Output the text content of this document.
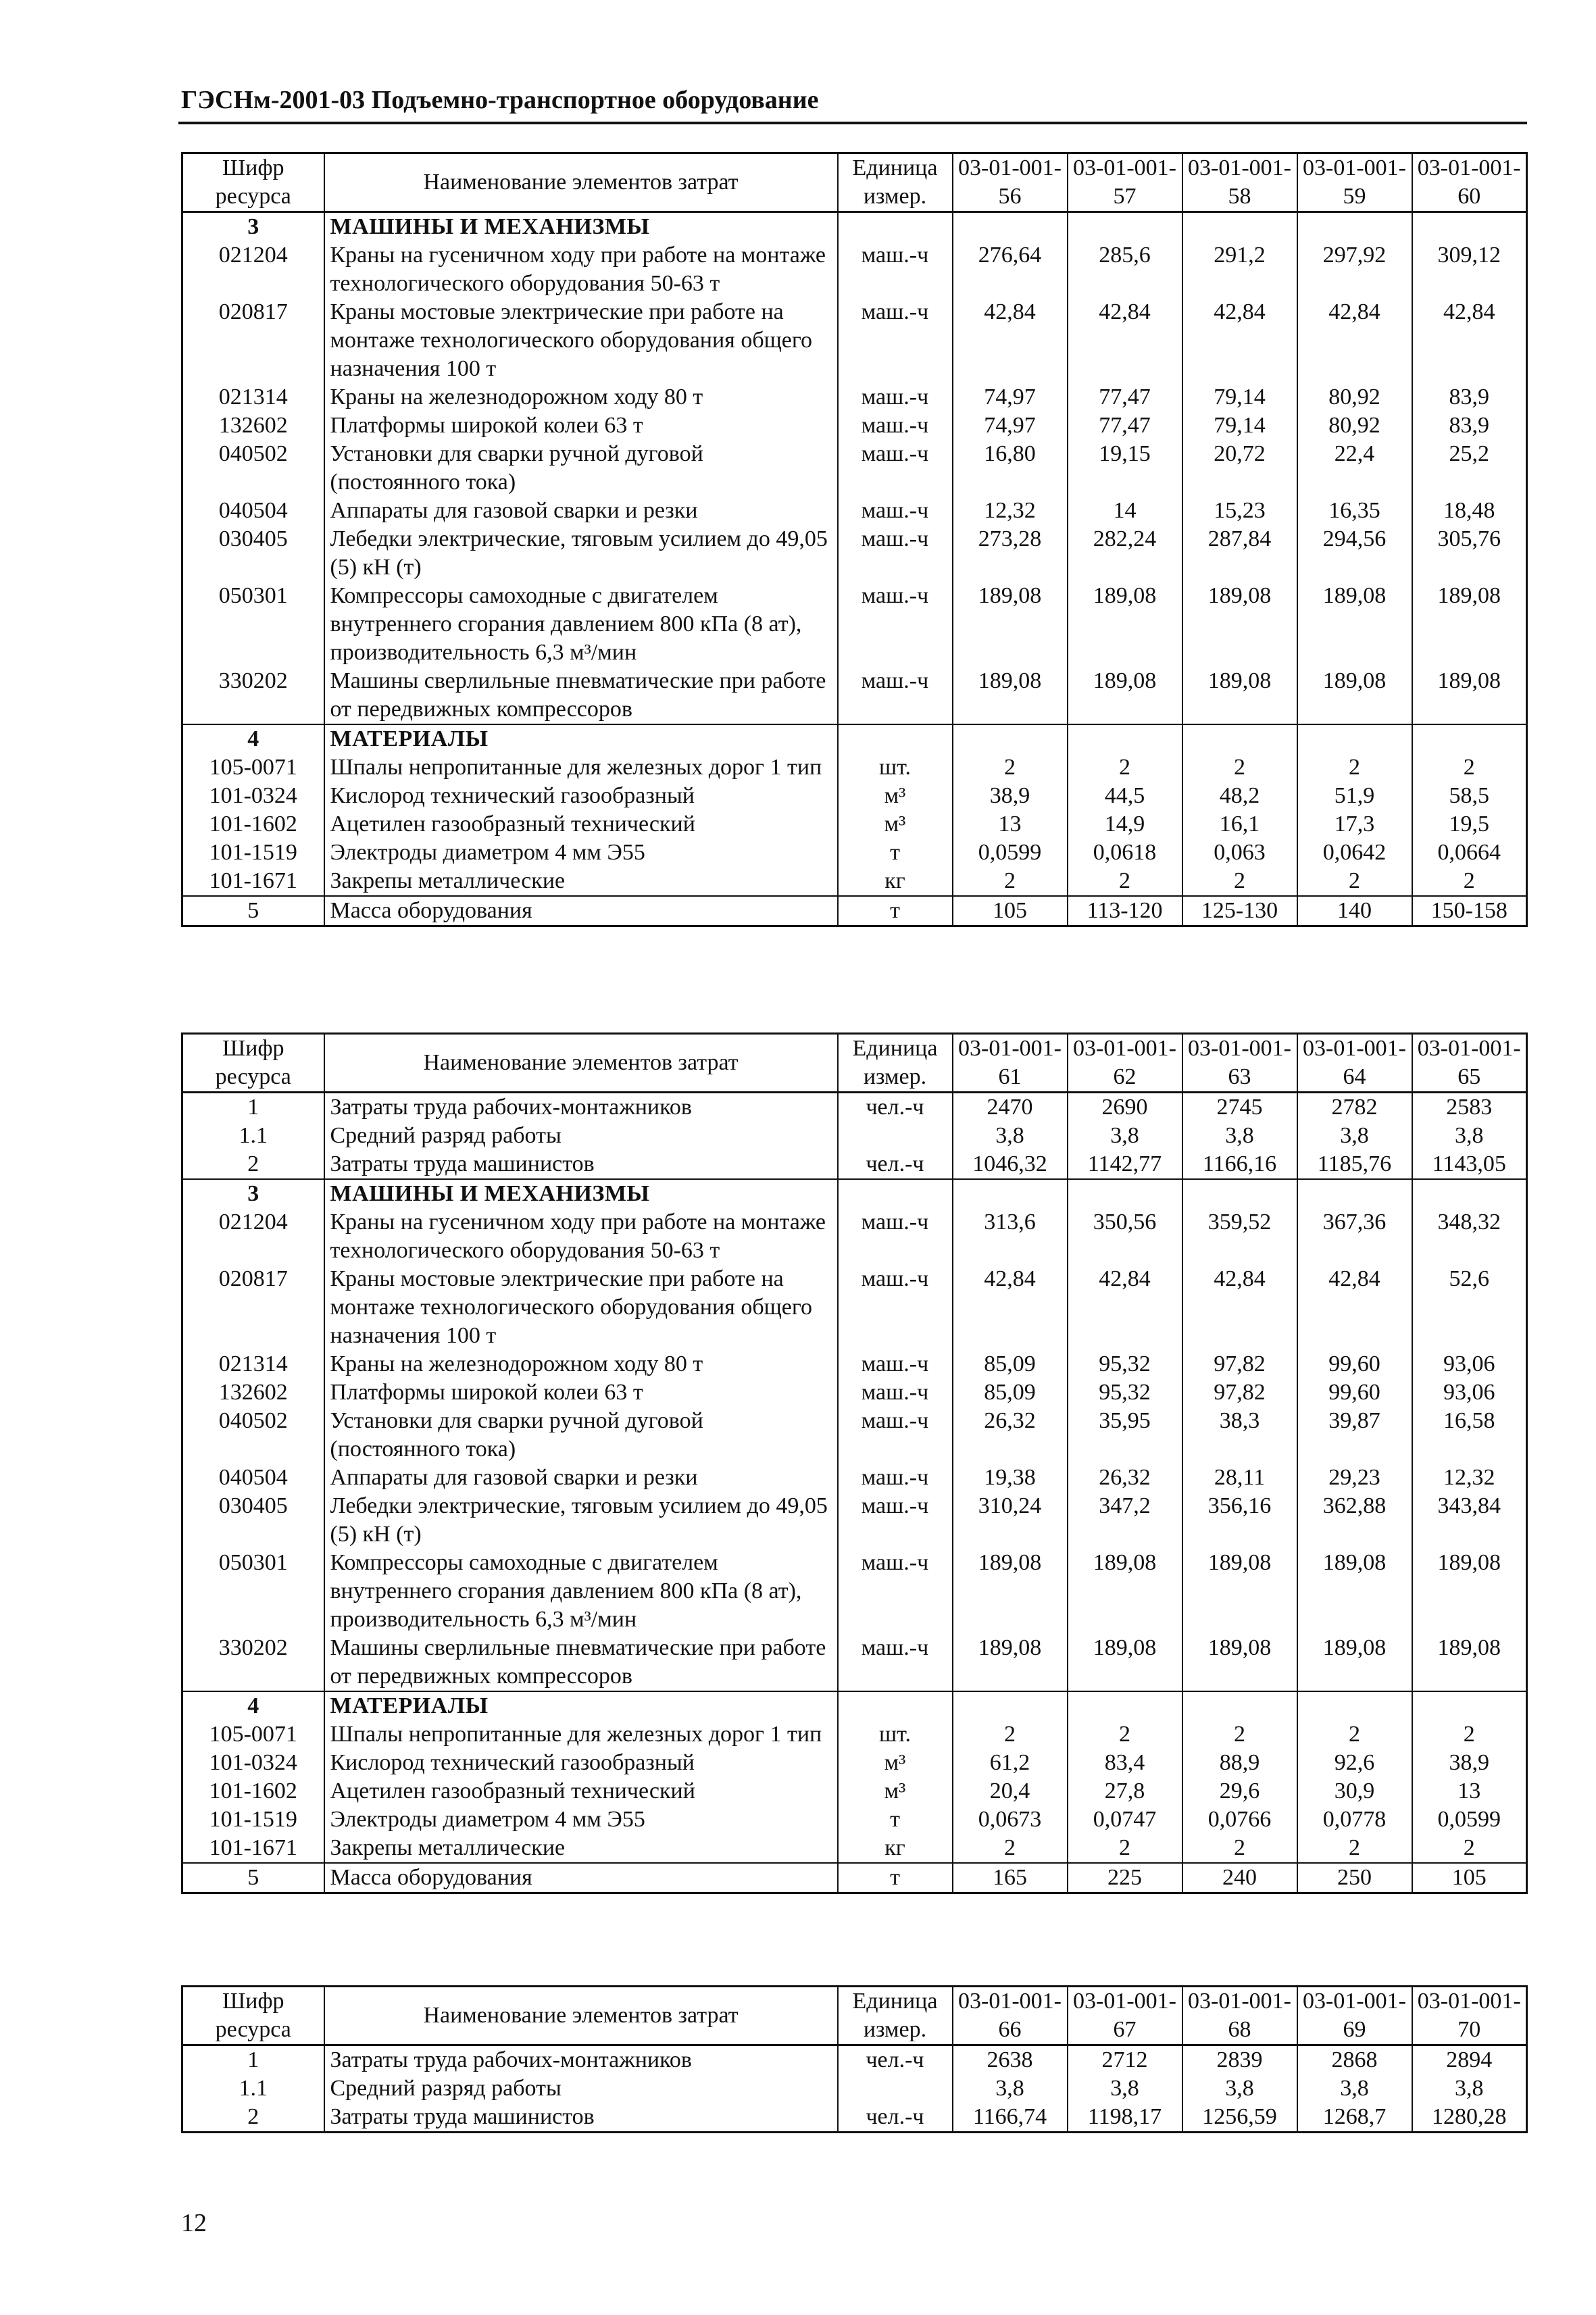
ГЭСНм-2001-03 Подъемно-транспортное оборудование
Шифр ресурса	Наименование элементов затрат	Единица измер.	03-01-001-56	03-01-001-57	03-01-001-58	03-01-001-59	03-01-001-60
3	МАШИНЫ И МЕХАНИЗМЫ						
021204	Краны на гусеничном ходу при работе на монтаже технологического оборудования 50-63 т	маш.-ч	276,64	285,6	291,2	297,92	309,12
020817	Краны мостовые электрические при работе на монтаже технологического оборудования общего назначения 100 т	маш.-ч	42,84	42,84	42,84	42,84	42,84
021314	Краны на железнодорожном ходу 80 т	маш.-ч	74,97	77,47	79,14	80,92	83,9
132602	Платформы широкой колеи 63 т	маш.-ч	74,97	77,47	79,14	80,92	83,9
040502	Установки для сварки ручной дуговой (постоянного тока)	маш.-ч	16,80	19,15	20,72	22,4	25,2
040504	Аппараты для газовой сварки и резки	маш.-ч	12,32	14	15,23	16,35	18,48
030405	Лебедки электрические, тяговым усилием до 49,05 (5) кН (т)	маш.-ч	273,28	282,24	287,84	294,56	305,76
050301	Компрессоры самоходные с двигателем внутреннего сгорания давлением 800 кПа (8 ат), производительность 6,3 м³/мин	маш.-ч	189,08	189,08	189,08	189,08	189,08
330202	Машины сверлильные пневматические при работе от передвижных компрессоров	маш.-ч	189,08	189,08	189,08	189,08	189,08
4	МАТЕРИАЛЫ						
105-0071	Шпалы непропитанные для железных дорог 1 тип	шт.	2	2	2	2	2
101-0324	Кислород технический газообразный	м³	38,9	44,5	48,2	51,9	58,5
101-1602	Ацетилен газообразный технический	м³	13	14,9	16,1	17,3	19,5
101-1519	Электроды диаметром 4 мм Э55	т	0,0599	0,0618	0,063	0,0642	0,0664
101-1671	Закрепы металлические	кг	2	2	2	2	2
5	Масса оборудования	т	105	113-120	125-130	140	150-158
Шифр ресурса	Наименование элементов затрат	Единица измер.	03-01-001-61	03-01-001-62	03-01-001-63	03-01-001-64	03-01-001-65
1	Затраты труда рабочих-монтажников	чел.-ч	2470	2690	2745	2782	2583
1.1	Средний разряд работы		3,8	3,8	3,8	3,8	3,8
2	Затраты труда машинистов	чел.-ч	1046,32	1142,77	1166,16	1185,76	1143,05
3	МАШИНЫ И МЕХАНИЗМЫ						
021204	Краны на гусеничном ходу при работе на монтаже технологического оборудования 50-63 т	маш.-ч	313,6	350,56	359,52	367,36	348,32
020817	Краны мостовые электрические при работе на монтаже технологического оборудования общего назначения 100 т	маш.-ч	42,84	42,84	42,84	42,84	52,6
021314	Краны на железнодорожном ходу 80 т	маш.-ч	85,09	95,32	97,82	99,60	93,06
132602	Платформы широкой колеи 63 т	маш.-ч	85,09	95,32	97,82	99,60	93,06
040502	Установки для сварки ручной дуговой (постоянного тока)	маш.-ч	26,32	35,95	38,3	39,87	16,58
040504	Аппараты для газовой сварки и резки	маш.-ч	19,38	26,32	28,11	29,23	12,32
030405	Лебедки электрические, тяговым усилием до 49,05 (5) кН (т)	маш.-ч	310,24	347,2	356,16	362,88	343,84
050301	Компрессоры самоходные с двигателем внутреннего сгорания давлением 800 кПа (8 ат), производительность 6,3 м³/мин	маш.-ч	189,08	189,08	189,08	189,08	189,08
330202	Машины сверлильные пневматические при работе от передвижных компрессоров	маш.-ч	189,08	189,08	189,08	189,08	189,08
4	МАТЕРИАЛЫ						
105-0071	Шпалы непропитанные для железных дорог 1 тип	шт.	2	2	2	2	2
101-0324	Кислород технический газообразный	м³	61,2	83,4	88,9	92,6	38,9
101-1602	Ацетилен газообразный технический	м³	20,4	27,8	29,6	30,9	13
101-1519	Электроды диаметром 4 мм Э55	т	0,0673	0,0747	0,0766	0,0778	0,0599
101-1671	Закрепы металлические	кг	2	2	2	2	2
5	Масса оборудования	т	165	225	240	250	105
Шифр ресурса	Наименование элементов затрат	Единица измер.	03-01-001-66	03-01-001-67	03-01-001-68	03-01-001-69	03-01-001-70
1	Затраты труда рабочих-монтажников	чел.-ч	2638	2712	2839	2868	2894
1.1	Средний разряд работы		3,8	3,8	3,8	3,8	3,8
2	Затраты труда машинистов	чел.-ч	1166,74	1198,17	1256,59	1268,7	1280,28
12
